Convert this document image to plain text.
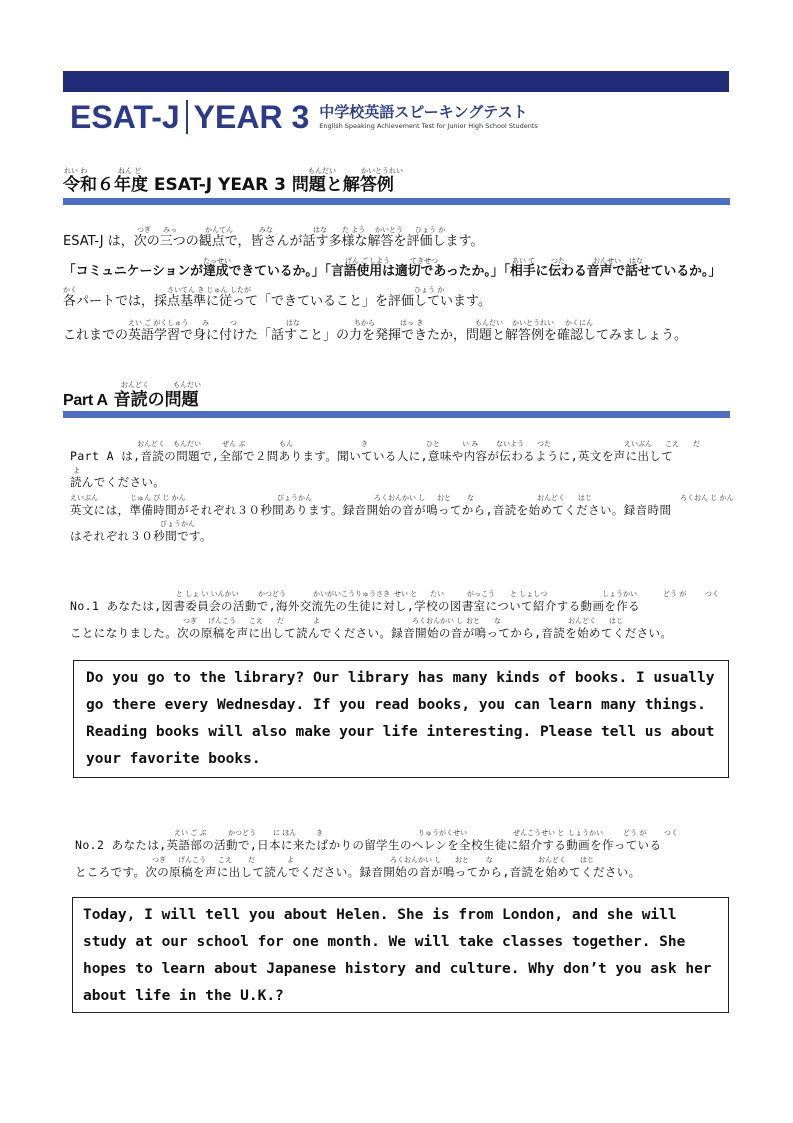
ESAT-J YEAR 3 中学校英語スピーキングテスト
English Speaking Achievement Test for Junior High School Students
れい わ	ねん ど	もんだい	かいとうれい
令和６年度 ESAT-J YEAR 3 問題と解答例
つぎ みっ	かんてん	みな	はな た よう かいとう ひょう か
ESAT-J は，次の三つの観点で，皆さんが話す多様な解答を評価します。
たっせい	げん ご しよう	てきせつ	あい て つた	おんせい はな
「コミュニケーションが達成できているか。」「言語使用は適切であったか。」「相手に伝わる音声で話せているか。」
かく	さいてん き じゅん したが	ひょう か
各パートでは，採点基準に従って「できていること」を評価しています。
えい ご がくしゅう み	つ	はな	ちから	はっ き	もんだい かいとうれい かくにん
これまでの英語学習で身に付けた「話すこと」の力を発揮できたか，問題と解答例を確認してみましょう。
おんどく	もんだい
Part A 音読の問題
おんどく もんだい	ぜん ぶ	もん	き	ひと	い み	ないよう つた	えいぶん こえ だ
Part A は,音読の問題で,全部で２問あります。聞いている人に,意味や内容が伝わるように,英文を声に出して
よ
読んでください。
えいぶん	じゅん び じ かん	びょうかん	ろくおんかい し おと な	おんどく はじ	ろくおん じ かん
英文には，準備時間がそれぞれ３０秒間あります。録音開始の音が鳴ってから,音読を始めてください。録音時間
びょうかん
はそれぞれ３０秒間です。
と しょ い いんかい	かつどう	かいがいこうりゅうさき せい と たい	がっこう と しょしつ	しょうかい	どう が	つく
No.1 あなたは,図書委員会の活動で,海外交流先の生徒に対し,学校の図書室について紹介する動画を作る
つぎ げんこう こえ だ	よ	ろくおんかい し おと な	おんどく はじ
ことになりました。次の原稿を声に出して読んでください。録音開始の音が鳴ってから,音読を始めてください。
Do you go to the library? Our library has many kinds of books. I usually
go there every Wednesday. If you read books, you can learn many things.
Reading books will also make your life interesting. Please tell us about
your favorite books.
えい ご ぶ	かつどう に ほん	き	りゅうがくせい	ぜんこうせい と しょうかい	どう が	つく
No.2 あなたは,英語部の活動で,日本に来たばかりの留学生のヘレンを全校生徒に紹介する動画を作っている
つぎ げんこう こえ だ	よ	ろくおんかい し おと な	おんどく はじ
ところです。次の原稿を声に出して読んでください。録音開始の音が鳴ってから,音読を始めてください。
Today, I will tell you about Helen. She is from London, and she will
study at our school for one month. We will take classes together. She
hopes to learn about Japanese history and culture. Why don’t you ask her
about life in the U.K.?
